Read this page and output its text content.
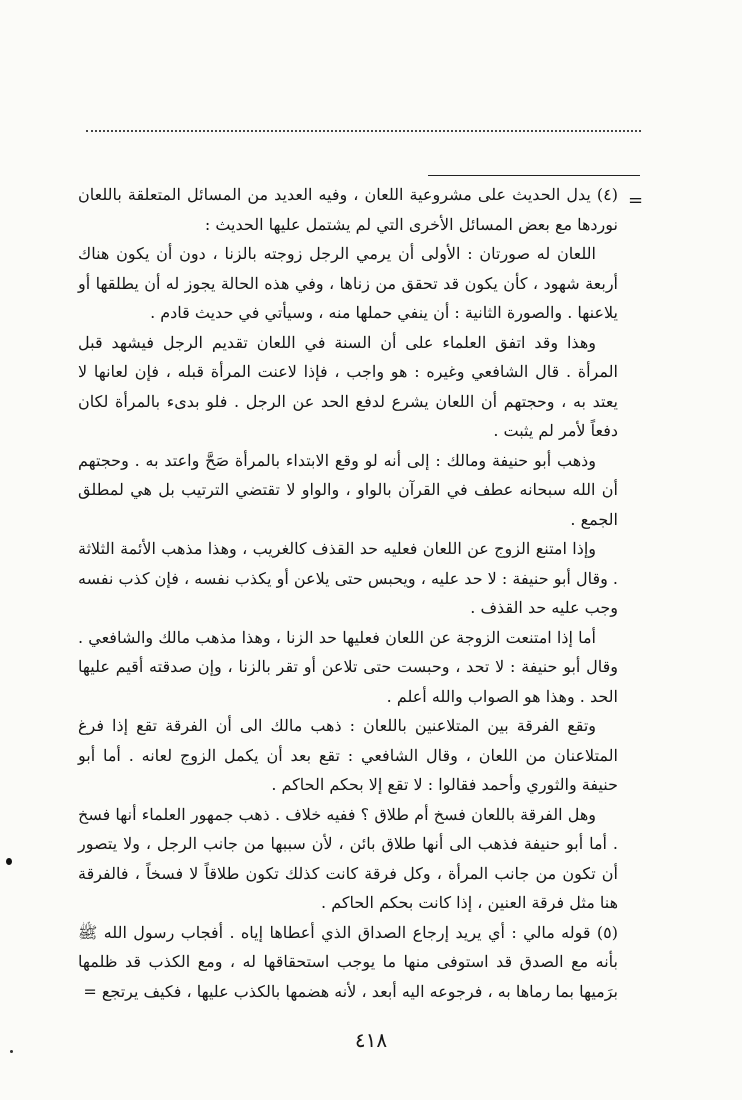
=

(٤) يدل الحديث على مشروعية اللعان ، وفيه العديد من المسائل المتعلقة باللعان نوردها مع بعض المسائل الأخرى التي لم يشتمل عليها الحديث :

اللعان له صورتان : الأولى أن يرمي الرجل زوجته بالزنا ، دون أن يكون هناك أربعة شهود ، كأن يكون قد تحقق من زناها ، وفي هذه الحالة يجوز له أن يطلقها أو يلاعنها . والصورة الثانية : أن ينفي حملها منه ، وسيأتي في حديث قادم .

وهذا وقد اتفق العلماء على أن السنة في اللعان تقديم الرجل فيشهد قبل المرأة . قال الشافعي وغيره : هو واجب ، فإذا لاعنت المرأة قبله ، فإن لعانها لا يعتد به ، وحجتهم أن اللعان يشرع لدفع الحد عن الرجل . فلو بدىء بالمرأة لكان دفعاً لأمر لم يثبت .

وذهب أبو حنيفة ومالك : إلى أنه لو وقع الابتداء بالمرأة صَحَّ واعتد به . وحجتهم أن الله سبحانه عطف في القرآن بالواو ، والواو لا تقتضي الترتيب بل هي لمطلق الجمع .

وإذا امتنع الزوج عن اللعان فعليه حد القذف كالغريب ، وهذا مذهب الأئمة الثلاثة . وقال أبو حنيفة : لا حد عليه ، ويحبس حتى يلاعن أو يكذب نفسه ، فإن كذب نفسه وجب عليه حد القذف .

أما إذا امتنعت الزوجة عن اللعان فعليها حد الزنا ، وهذا مذهب مالك والشافعي . وقال أبو حنيفة : لا تحد ، وحبست حتى تلاعن أو تقر بالزنا ، وإن صدقته أقيم عليها الحد . وهذا هو الصواب والله أعلم .

وتقع الفرقة بين المتلاعنين باللعان : ذهب مالك الى أن الفرقة تقع إذا فرغ المتلاعنان من اللعان ، وقال الشافعي : تقع بعد أن يكمل الزوج لعانه . أما أبو حنيفة والثوري وأحمد فقالوا : لا تقع إلا بحكم الحاكم .

وهل الفرقة باللعان فسخ أم طلاق ؟ ففيه خلاف . ذهب جمهور العلماء أنها فسخ . أما أبو حنيفة فذهب الى أنها طلاق بائن ، لأن سببها من جانب الرجل ، ولا يتصور أن تكون من جانب المرأة ، وكل فرقة كانت كذلك تكون طلاقاً لا فسخاً ، فالفرقة هنا مثل فرقة العنين ، إذا كانت بحكم الحاكم .

(٥) قوله مالي : أي يريد إرجاع الصداق الذي أعطاها إياه . أفجاب رسول الله ﷺ بأنه مع الصدق قد استوفى منها ما يوجب استحقاقها له ، ومع الكذب قد ظلمها برَميها بما رماها به ، فرجوعه اليه أبعد ، لأنه هضمها بالكذب عليها ، فكيف يرتجع =

٤١٨
